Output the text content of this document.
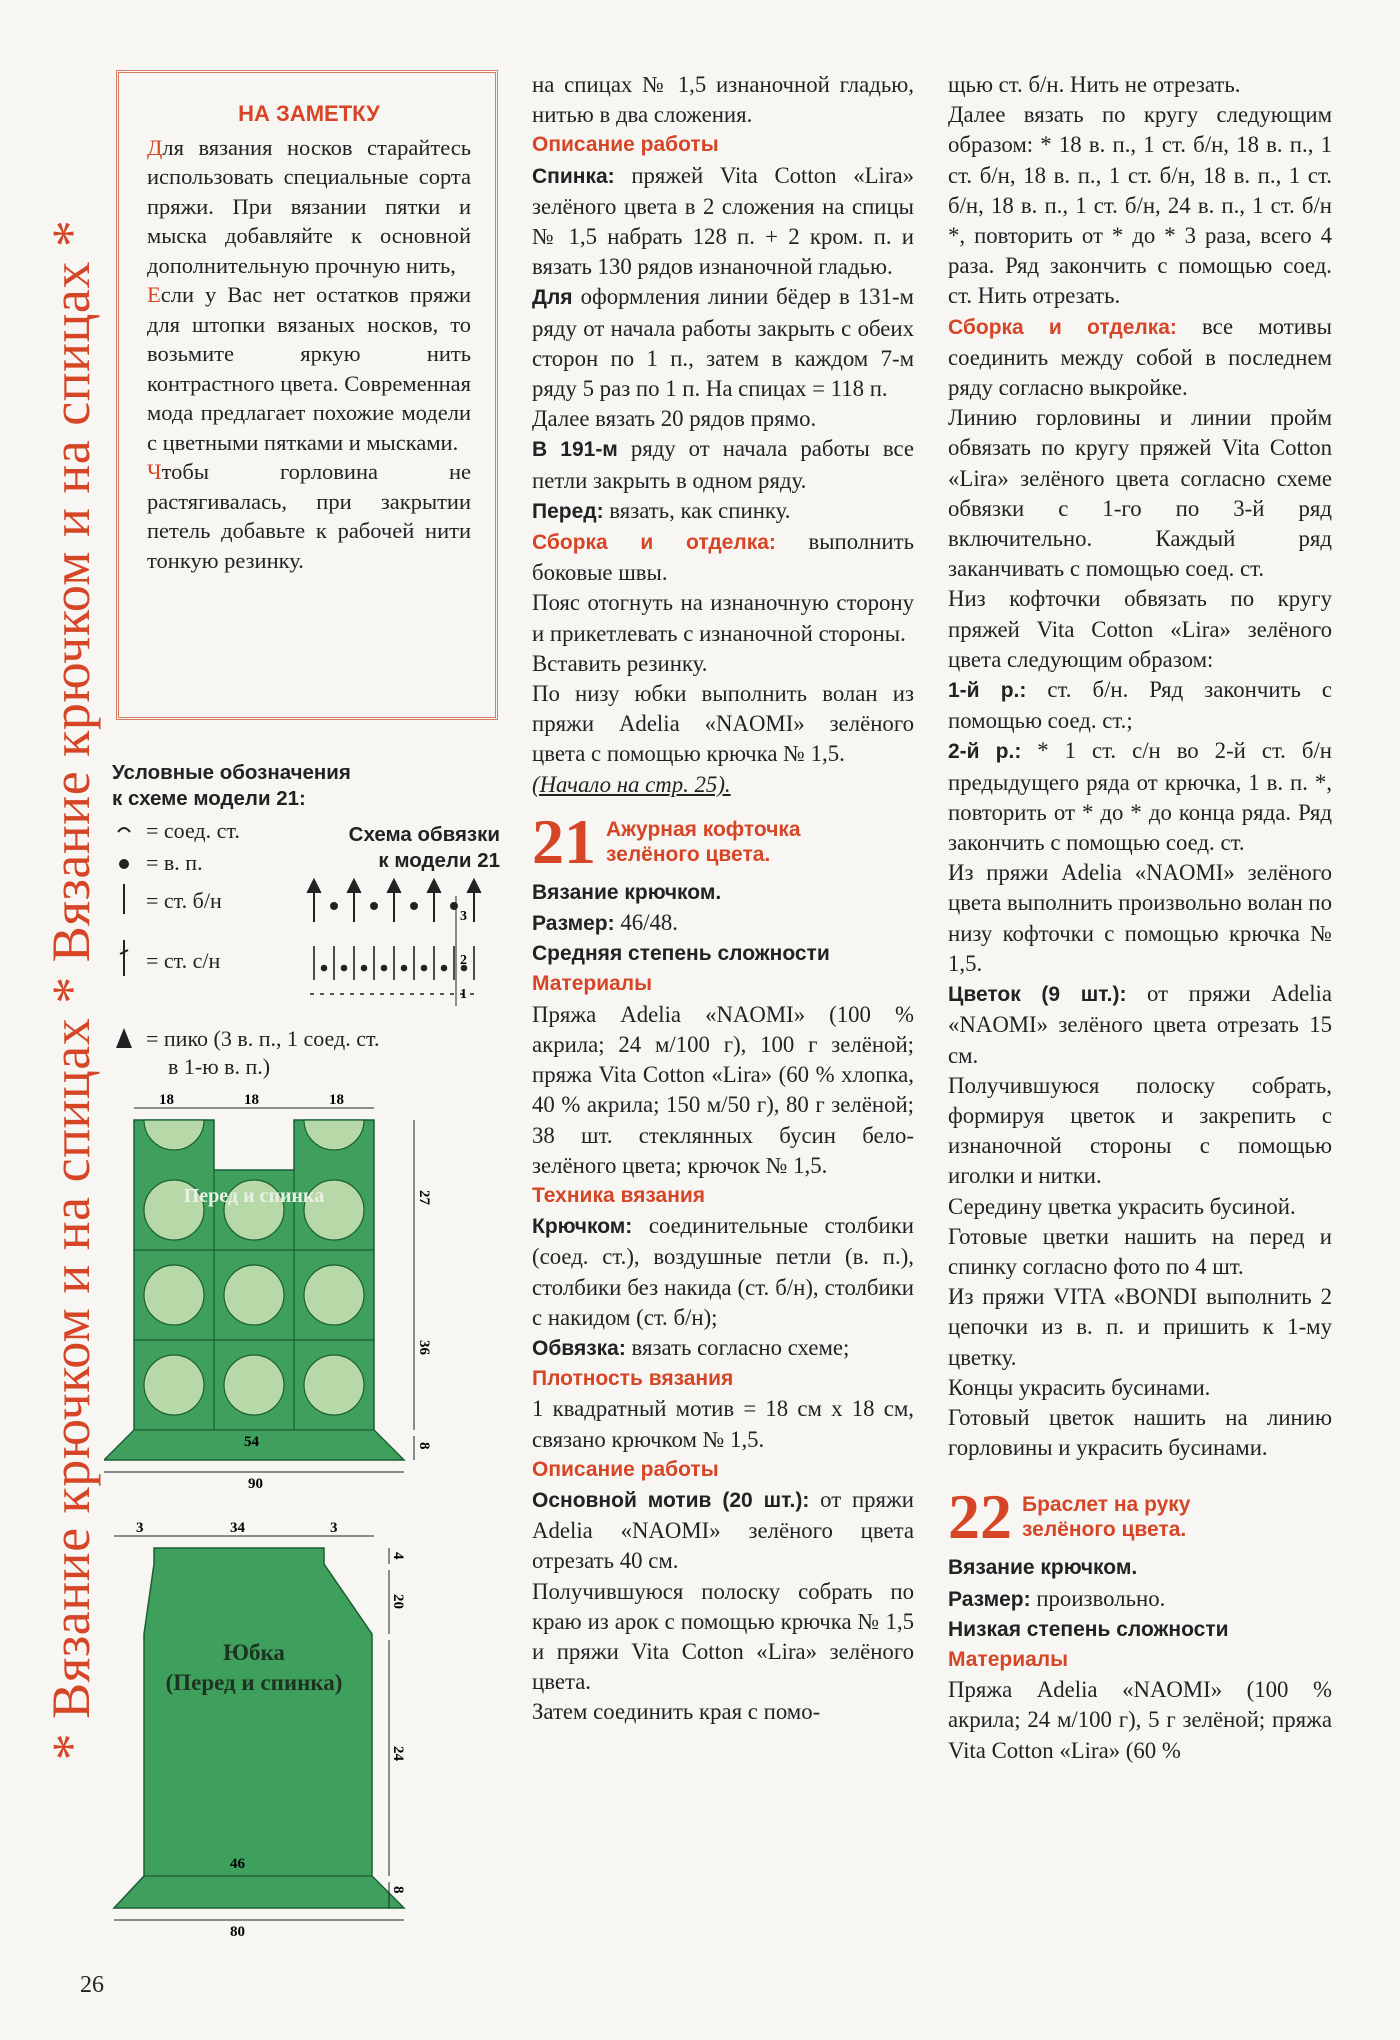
* Вязание крючком и на спицах * Вязание крючком и на спицах *
НА ЗАМЕТКУ

Для вязания носков старайтесь использовать специальные сорта пряжи. При вязании пятки и мыска добавляйте к основной дополнительную прочную нить,

Если у Вас нет остатков пряжи для штопки вязаных носков, то возьмите яркую нить контрастного цвета. Современная мода предлагает похожие модели с цветными пятками и мысками.

Чтобы горловина не растягивалась, при закрытии петель добавьте к рабочей нити тонкую резинку.

Условные обозначения
к схеме модели 21:
= соед. ст.
= в. п.
= ст. б/н
= ст. с/н
= пико (3 в. п., 1 соед. ст.
в 1-ю в. п.)
Схема обвязки
к модели 21
3
2
1
18	18	18
27
36
54	8
90
Перед и спинка
3	34	3
4
20
24
46
8
80
Юбка
(Перед и спинка)

на спицах № 1,5 изнаночной гладью, нитью в два сложения.

Описание работы

Спинка: пряжей Vita Cotton «Lira» зелёного цвета в 2 сложения на спицы № 1,5 набрать 128 п. + 2 кром. п. и вязать 130 рядов изнаночной гладью.

Для оформления линии бёдер в 131-м ряду от начала работы закрыть с обеих сторон по 1 п., затем в каждом 7-м ряду 5 раз по 1 п. На спицах = 118 п.

Далее вязать 20 рядов прямо.

В 191-м ряду от начала работы все петли закрыть в одном ряду.

Перед: вязать, как спинку.

Сборка и отделка: выполнить боковые швы.

Пояс отогнуть на изнаночную сторону и прикетлевать с изнаночной стороны.

Вставить резинку.

По низу юбки выполнить волан из пряжи Adelia «NAOMI» зелёного цвета с помощью крючка № 1,5.

(Начало на стр. 25).

21 Ажурная кофточка
зелёного цвета.

Вязание крючком.

Размер: 46/48.

Средняя степень сложности

Материалы

Пряжа Adelia «NAOMI» (100 % акрила; 24 м/100 г), 100 г зелёной; пряжа Vita Cotton «Lira» (60 % хлопка, 40 % акрила; 150 м/50 г), 80 г зелёной; 38 шт. стеклянных бусин бело-зелёного цвета; крючок № 1,5.

Техника вязания

Крючком: соединительные столбики (соед. ст.), воздушные петли (в. п.), столбики без накида (ст. б/н), столбики с накидом (ст. б/н);

Обвязка: вязать согласно схеме;

Плотность вязания

1 квадратный мотив = 18 см х 18 см, связано крючком № 1,5.

Описание работы

Основной мотив (20 шт.): от пряжи Adelia «NAOMI» зелёного цвета отрезать 40 см.

Получившуюся полоску собрать по краю из арок с помощью крючка № 1,5 и пряжи Vita Cotton «Lira» зелёного цвета.

Затем соединить края с помо-

щью ст. б/н. Нить не отрезать.

Далее вязать по кругу следующим образом: * 18 в. п., 1 ст. б/н, 18 в. п., 1 ст. б/н, 18 в. п., 1 ст. б/н, 18 в. п., 1 ст. б/н, 18 в. п., 1 ст. б/н, 24 в. п., 1 ст. б/н *, повторить от * до * 3 раза, всего 4 раза. Ряд закончить с помощью соед. ст. Нить отрезать.

Сборка и отделка: все мотивы соединить между собой в последнем ряду согласно выкройке.

Линию горловины и линии пройм обвязать по кругу пряжей Vita Cotton «Lira» зелёного цвета согласно схеме обвязки с 1-го по 3-й ряд включительно. Каждый ряд заканчивать с помощью соед. ст.

Низ кофточки обвязать по кругу пряжей Vita Cotton «Lira» зелёного цвета следующим образом:

1-й р.: ст. б/н. Ряд закончить с помощью соед. ст.;

2-й р.: * 1 ст. с/н во 2-й ст. б/н предыдущего ряда от крючка, 1 в. п. *, повторить от * до * до конца ряда. Ряд закончить с помощью соед. ст.

Из пряжи Adelia «NAOMI» зелёного цвета выполнить произвольно волан по низу кофточки с помощью крючка № 1,5.

Цветок (9 шт.): от пряжи Adelia «NAOMI» зелёного цвета отрезать 15 см.

Получившуюся полоску собрать, формируя цветок и закрепить с изнаночной стороны с помощью иголки и нитки.

Середину цветка украсить бусиной.

Готовые цветки нашить на перед и спинку согласно фото по 4 шт.

Из пряжи VITA «BONDI выполнить 2 цепочки из в. п. и пришить к 1-му цветку.

Концы украсить бусинами.

Готовый цветок нашить на линию горловины и украсить бусинами.

22 Браслет на руку
зелёного цвета.

Вязание крючком.

Размер: произвольно.

Низкая степень сложности

Материалы

Пряжа Adelia «NAOMI» (100 % акрила; 24 м/100 г), 5 г зелёной; пряжа Vita Cotton «Lira» (60 %

26
